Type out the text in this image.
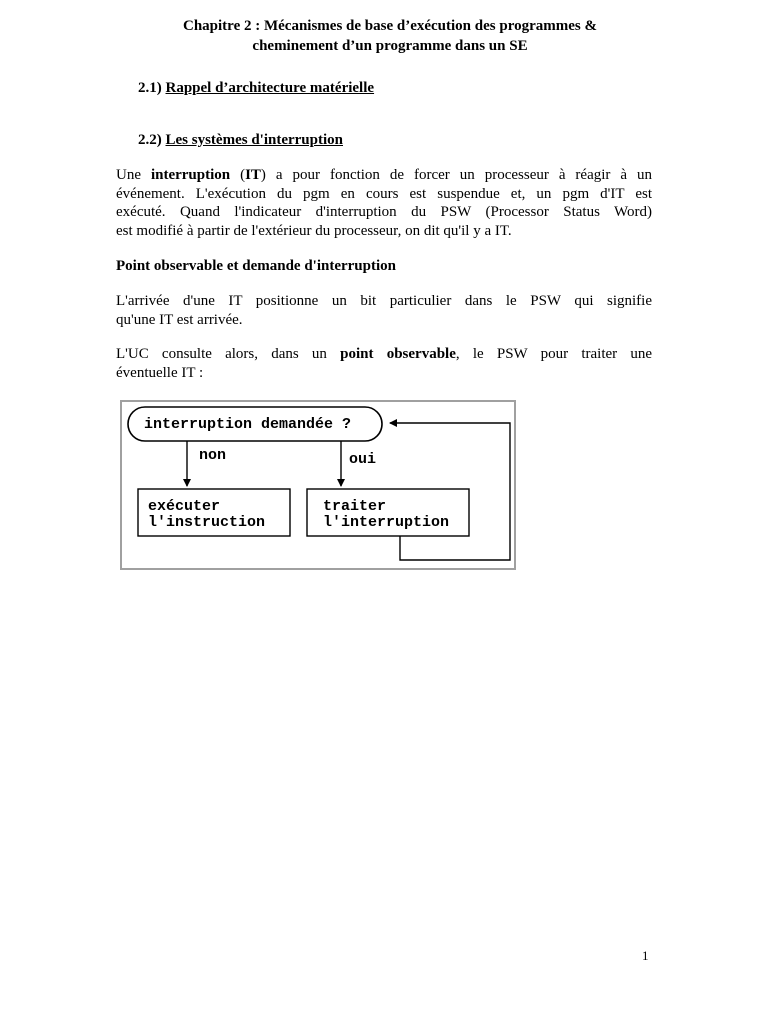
Chapitre 2 : Mécanismes de base d’exécution des programmes &
cheminement d’un programme dans un SE
2.1) Rappel d’architecture matérielle
2.2) Les systèmes d'interruption
Une interruption (IT) a pour fonction de forcer un processeur à réagir à un
événement. L'exécution du pgm en cours est suspendue et, un pgm d'IT est
exécuté. Quand l'indicateur d'interruption du PSW (Processor Status Word)
est modifié à partir de l'extérieur du processeur, on dit qu'il y a IT.
Point observable et demande d'interruption
L'arrivée d'une IT positionne un bit particulier dans le PSW qui signifie
qu'une IT est arrivée.
L'UC consulte alors, dans un point observable, le PSW pour traiter une
éventuelle IT :
interruption demandée ?
non	oui
exécuter
l'instruction
traiter
l'interruption
1
